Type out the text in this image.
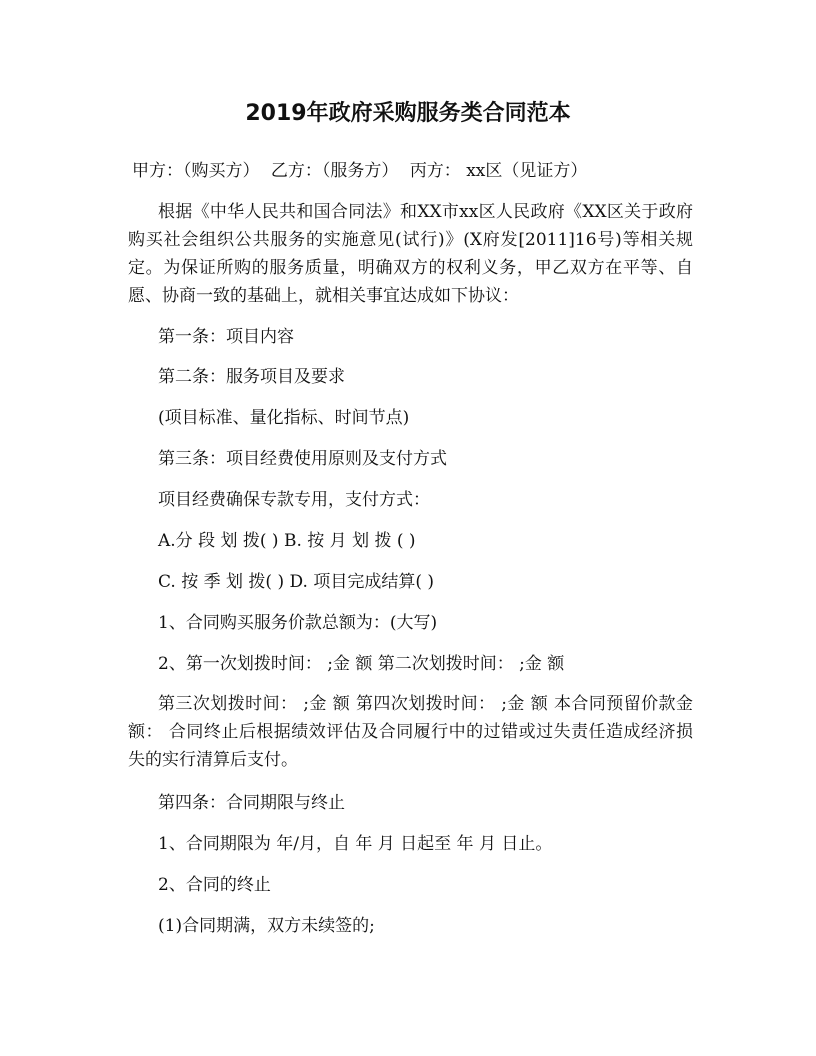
2019年政府采购服务类合同范本
甲方：（购买方） 乙方：（服务方） 丙方： xx区（见证方）

根据《中华人民共和国合同法》和XX市xx区人民政府《XX区关于政府购买社会组织公共服务的实施意见(试行)》(X府发[2011]16号)等相关规定。为保证所购的服务质量，明确双方的权利义务，甲乙双方在平等、自愿、协商一致的基础上，就相关事宜达成如下协议：

第一条：项目内容

第二条：服务项目及要求

(项目标准、量化指标、时间节点)

第三条：项目经费使用原则及支付方式

项目经费确保专款专用，支付方式：

A.分 段 划 拨( ) B. 按 月 划 拨 ( )

C. 按 季 划 拨( ) D. 项目完成结算( )

1、合同购买服务价款总额为：(大写)

2、第一次划拨时间： ;金 额 第二次划拨时间： ;金 额

第三次划拨时间： ;金 额 第四次划拨时间： ;金 额 本合同预留价款金额： 合同终止后根据绩效评估及合同履行中的过错或过失责任造成经济损失的实行清算后支付。

第四条：合同期限与终止

1、合同期限为 年/月，自 年 月 日起至 年 月 日止。

2、合同的终止

(1)合同期满，双方未续签的;
